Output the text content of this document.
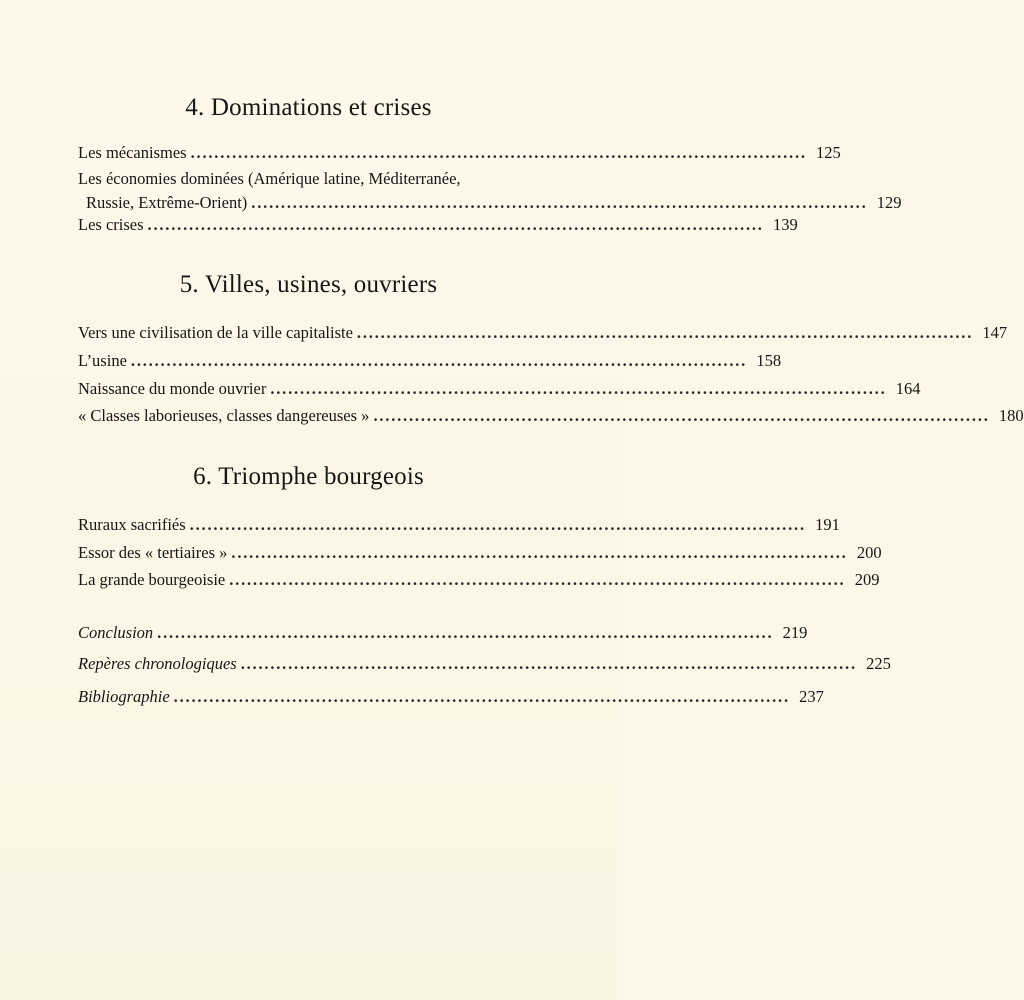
4. Dominations et crises
Les mécanismes ........................................................................................................ 125
Les économies dominées (Amérique latine, Méditerranée,
Russie, Extrême-Orient) ........................................................................................................ 129
Les crises ........................................................................................................ 139
5. Villes, usines, ouvriers
Vers une civilisation de la ville capitaliste ........................................................................................................ 147
L’usine ........................................................................................................ 158
Naissance du monde ouvrier ........................................................................................................ 164
« Classes laborieuses, classes dangereuses » ........................................................................................................ 180
6. Triomphe bourgeois
Ruraux sacrifiés ........................................................................................................ 191
Essor des « tertiaires » ........................................................................................................ 200
La grande bourgeoisie ........................................................................................................ 209
Conclusion ........................................................................................................ 219
Repères chronologiques ........................................................................................................ 225
Bibliographie ........................................................................................................ 237
